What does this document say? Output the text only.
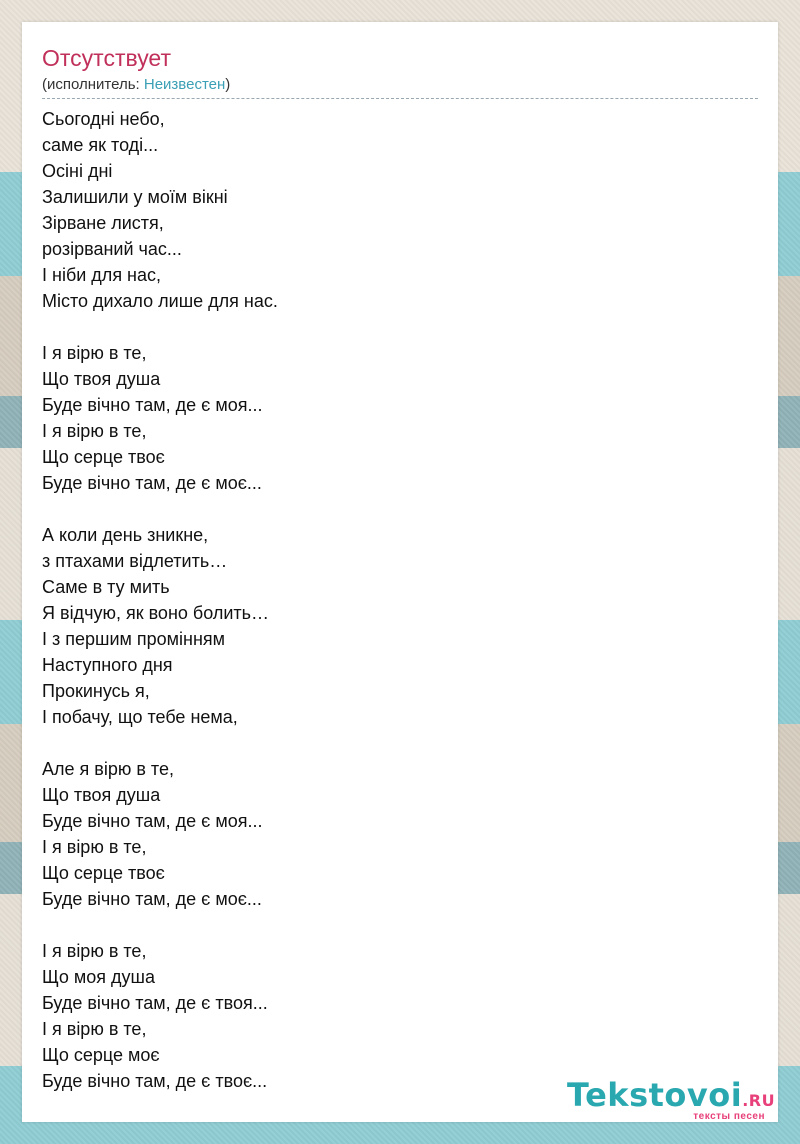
Отсутствует
(исполнитель: Неизвестен)
Сьогодні небо,
саме як тоді...
Осіні дні
Залишили у моїм вікні
Зірване листя,
розірваний час...
І ніби для нас,
Місто дихало лише для нас.
І я вірю в те,
Що твоя душа
Буде вічно там, де є моя...
І я вірю в те,
Що серце твоє
Буде вічно там, де є моє...
А коли день зникне,
з птахами відлетить…
Саме в ту мить
Я відчую, як воно болить…
І з першим промінням
Наступного дня
Прокинусь я,
І побачу, що тебе нема,
Але я вірю в те,
Що твоя душа
Буде вічно там, де є моя...
І я вірю в те,
Що серце твоє
Буде вічно там, де є моє...
І я вірю в те,
Що моя душа
Буде вічно там, де є твоя...
І я вірю в те,
Що серце моє
Буде вічно там, де є твоє...	Tekstovoi.RU
тексты песен
